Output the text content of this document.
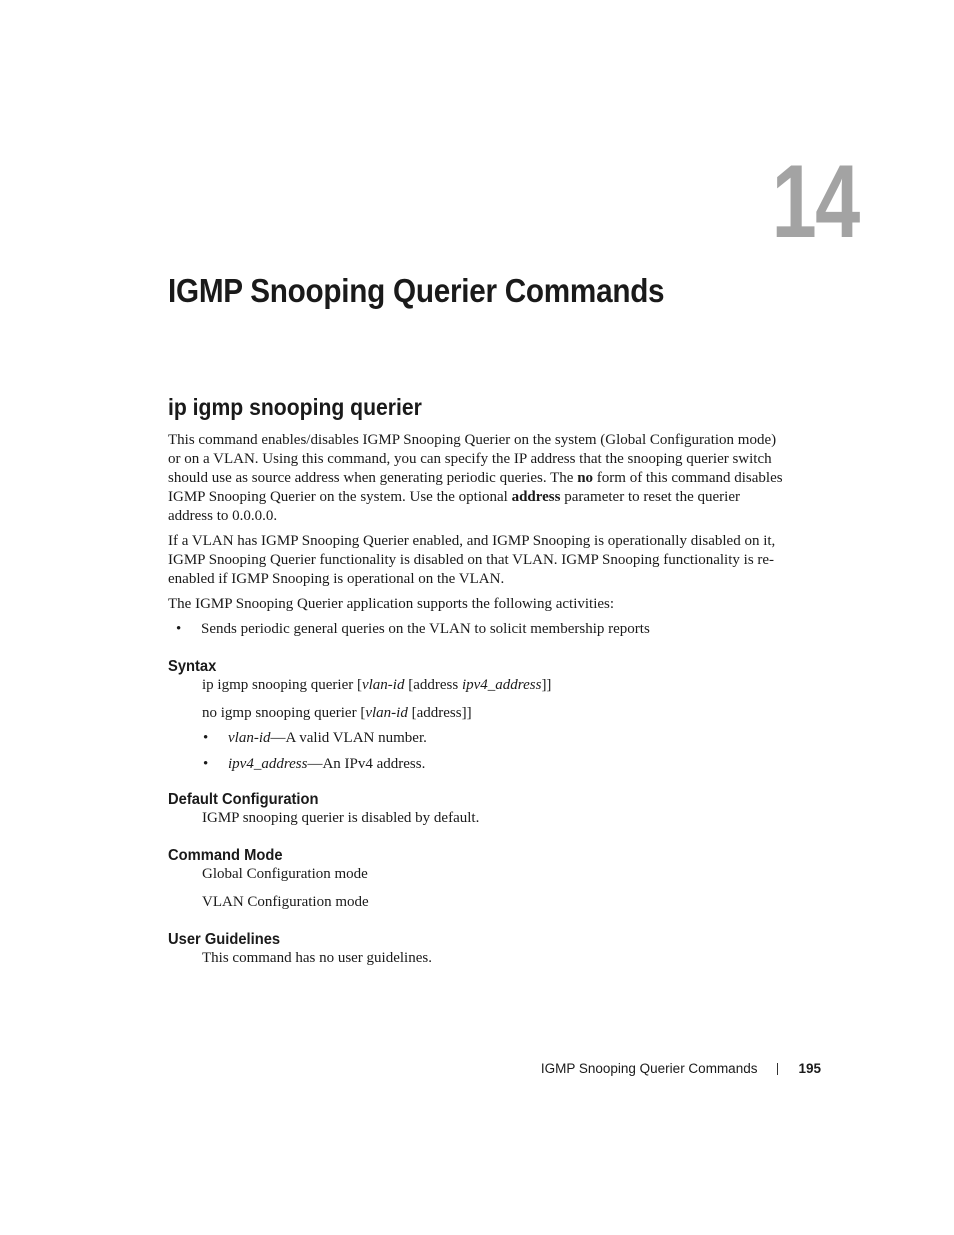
14
IGMP Snooping Querier Commands
ip igmp snooping querier

This command enables/disables IGMP Snooping Querier on the system (Global Configuration mode) or on a VLAN. Using this command, you can specify the IP address that the snooping querier switch should use as source address when generating periodic queries. The no form of this command disables IGMP Snooping Querier on the system. Use the optional address parameter to reset the querier address to 0.0.0.0.

If a VLAN has IGMP Snooping Querier enabled, and IGMP Snooping is operationally disabled on it, IGMP Snooping Querier functionality is disabled on that VLAN. IGMP Snooping functionality is re-enabled if IGMP Snooping is operational on the VLAN.

The IGMP Snooping Querier application supports the following activities:

• Sends periodic general queries on the VLAN to solicit membership reports
Syntax

ip igmp snooping querier [vlan-id [address ipv4_address]]

no igmp snooping querier [vlan-id [address]]

• vlan-id—A valid VLAN number.
• ipv4_address—An IPv4 address.
Default Configuration

IGMP snooping querier is disabled by default.

Command Mode

Global Configuration mode

VLAN Configuration mode

User Guidelines

This command has no user guidelines.

IGMP Snooping Querier Commands	195
